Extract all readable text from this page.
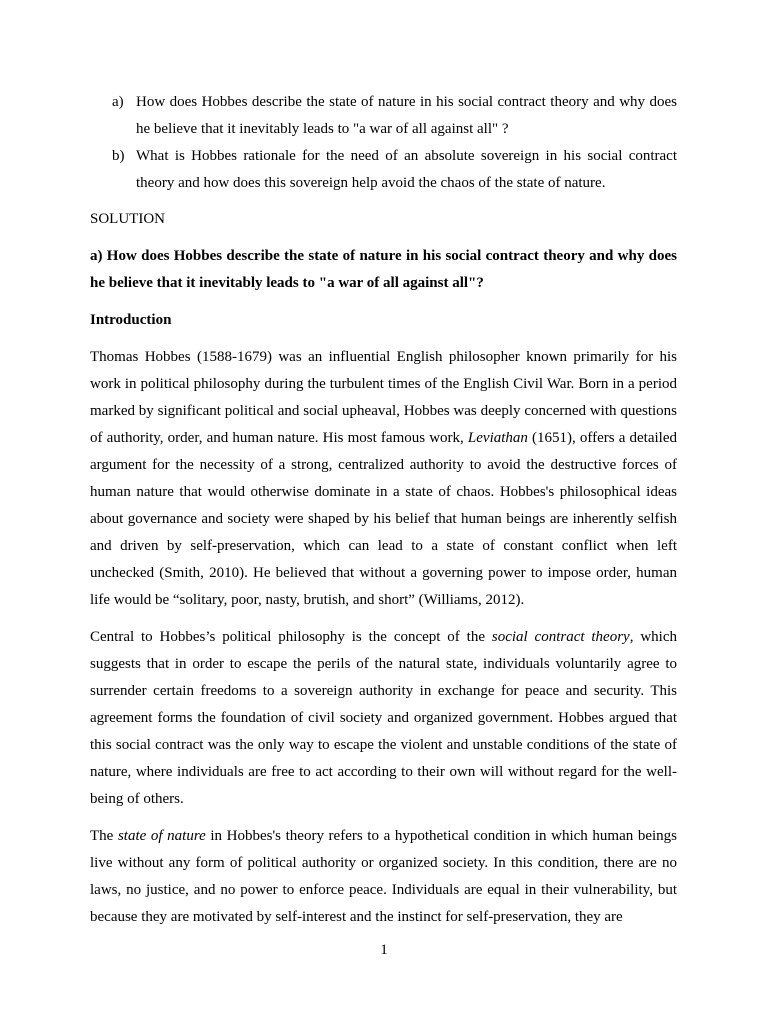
a) How does Hobbes describe the state of nature in his social contract theory and why does he believe that it inevitably leads to "a war of all against all" ?
b) What is Hobbes rationale for the need of an absolute sovereign in his social contract theory and how does this sovereign help avoid the chaos of the state of nature.

SOLUTION

a) How does Hobbes describe the state of nature in his social contract theory and why does he believe that it inevitably leads to "a war of all against all"?

Introduction

Thomas Hobbes (1588-1679) was an influential English philosopher known primarily for his work in political philosophy during the turbulent times of the English Civil War. Born in a period marked by significant political and social upheaval, Hobbes was deeply concerned with questions of authority, order, and human nature. His most famous work, Leviathan (1651), offers a detailed argument for the necessity of a strong, centralized authority to avoid the destructive forces of human nature that would otherwise dominate in a state of chaos. Hobbes's philosophical ideas about governance and society were shaped by his belief that human beings are inherently selfish and driven by self-preservation, which can lead to a state of constant conflict when left unchecked (Smith, 2010). He believed that without a governing power to impose order, human life would be “solitary, poor, nasty, brutish, and short” (Williams, 2012).

Central to Hobbes’s political philosophy is the concept of the social contract theory, which suggests that in order to escape the perils of the natural state, individuals voluntarily agree to surrender certain freedoms to a sovereign authority in exchange for peace and security. This agreement forms the foundation of civil society and organized government. Hobbes argued that this social contract was the only way to escape the violent and unstable conditions of the state of nature, where individuals are free to act according to their own will without regard for the well-being of others.

The state of nature in Hobbes's theory refers to a hypothetical condition in which human beings live without any form of political authority or organized society. In this condition, there are no laws, no justice, and no power to enforce peace. Individuals are equal in their vulnerability, but because they are motivated by self-interest and the instinct for self-preservation, they are

1
